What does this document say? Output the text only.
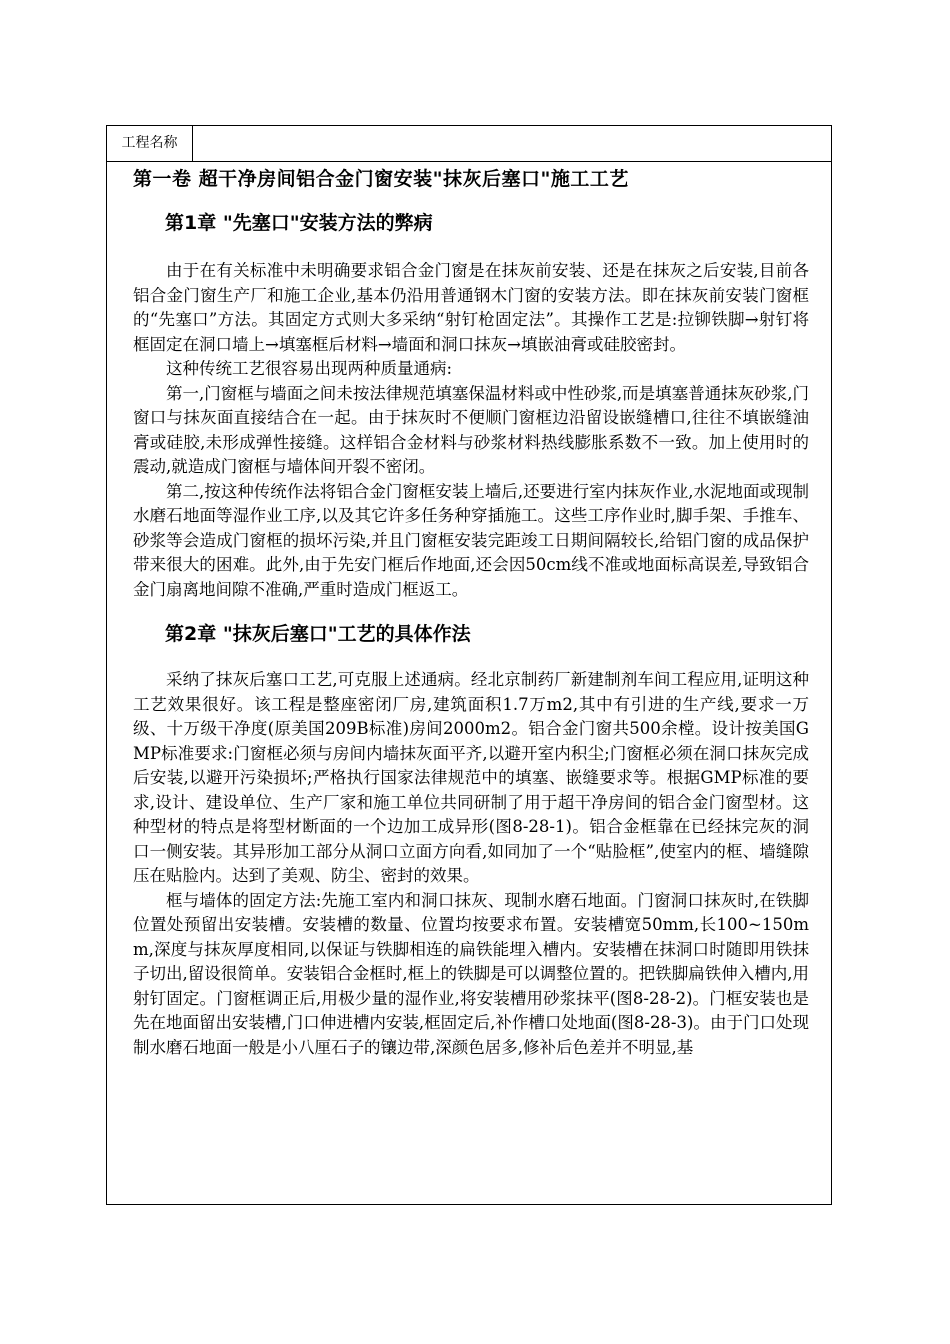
工程名称
第一卷 超干净房间铝合金门窗安装"抹灰后塞口"施工工艺
第1章 "先塞口"安装方法的弊病

由于在有关标准中未明确要求铝合金门窗是在抹灰前安装、还是在抹灰之后安装,目前各铝合金门窗生产厂和施工企业,基本仍沿用普通钢木门窗的安装方法。即在抹灰前安装门窗框的“先塞口”方法。其固定方式则大多采纳“射钉枪固定法”。其操作工艺是:拉铆铁脚→射钉将框固定在洞口墙上→填塞框后材料→墙面和洞口抹灰→填嵌油膏或硅胶密封。

这种传统工艺很容易出现两种质量通病:

第一,门窗框与墙面之间未按法律规范填塞保温材料或中性砂浆,而是填塞普通抹灰砂浆,门窗口与抹灰面直接结合在一起。由于抹灰时不便顺门窗框边沿留设嵌缝槽口,往往不填嵌缝油膏或硅胶,未形成弹性接缝。这样铝合金材料与砂浆材料热线膨胀系数不一致。加上使用时的震动,就造成门窗框与墙体间开裂不密闭。

第二,按这种传统作法将铝合金门窗框安装上墙后,还要进行室内抹灰作业,水泥地面或现制水磨石地面等湿作业工序,以及其它许多任务种穿插施工。这些工序作业时,脚手架、手推车、砂浆等会造成门窗框的损坏污染,并且门窗框安装完距竣工日期间隔较长,给铝门窗的成品保护带来很大的困难。此外,由于先安门框后作地面,还会因50cm线不准或地面标高误差,导致铝合金门扇离地间隙不准确,严重时造成门框返工。

第2章 "抹灰后塞口"工艺的具体作法

采纳了抹灰后塞口工艺,可克服上述通病。经北京制药厂新建制剂车间工程应用,证明这种工艺效果很好。该工程是整座密闭厂房,建筑面积1.7万m2,其中有引进的生产线,要求一万级、十万级干净度(原美国209B标准)房间2000m2。铝合金门窗共500余樘。设计按美国GMP标准要求:门窗框必须与房间内墙抹灰面平齐,以避开室内积尘;门窗框必须在洞口抹灰完成后安装,以避开污染损坏;严格执行国家法律规范中的填塞、嵌缝要求等。根据GMP标准的要求,设计、建设单位、生产厂家和施工单位共同研制了用于超干净房间的铝合金门窗型材。这种型材的特点是将型材断面的一个边加工成异形(图8-28-1)。铝合金框靠在已经抹完灰的洞口一侧安装。其异形加工部分从洞口立面方向看,如同加了一个“贴脸框”,使室内的框、墙缝隙压在贴脸内。达到了美观、防尘、密封的效果。

框与墙体的固定方法:先施工室内和洞口抹灰、现制水磨石地面。门窗洞口抹灰时,在铁脚位置处预留出安装槽。安装槽的数量、位置均按要求布置。安装槽宽50mm,长100~150mm,深度与抹灰厚度相同,以保证与铁脚相连的扁铁能埋入槽内。安装槽在抹洞口时随即用铁抹子切出,留设很简单。安装铝合金框时,框上的铁脚是可以调整位置的。把铁脚扁铁伸入槽内,用射钉固定。门窗框调正后,用极少量的湿作业,将安装槽用砂浆抹平(图8-28-2)。门框安装也是先在地面留出安装槽,门口伸进槽内安装,框固定后,补作槽口处地面(图8-28-3)。由于门口处现制水磨石地面一般是小八厘石子的镶边带,深颜色居多,修补后色差并不明显,基
